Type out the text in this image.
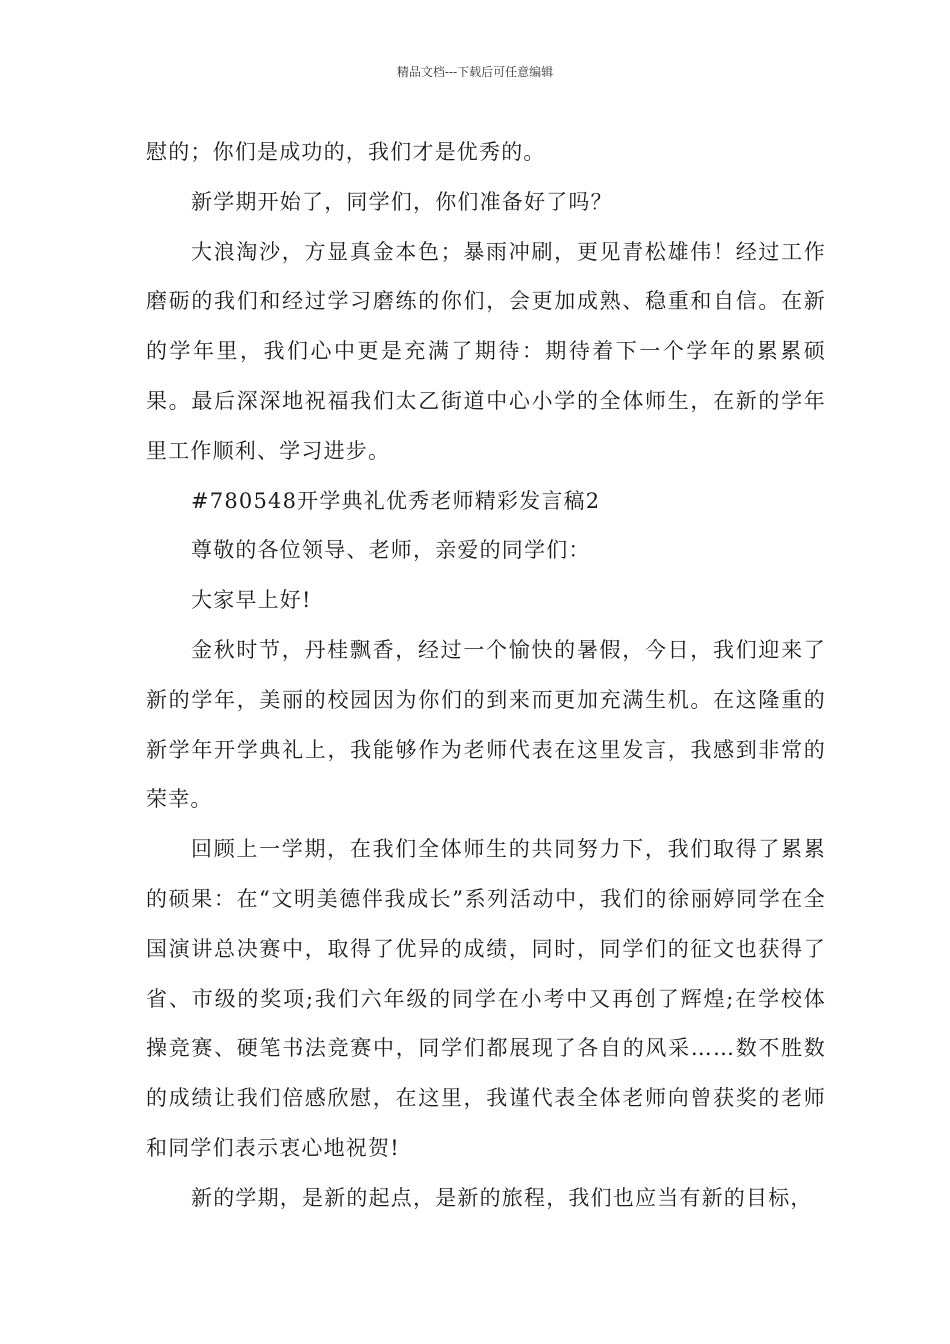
精品文档---下载后可任意编辑

慰的；你们是成功的，我们才是优秀的。

新学期开始了，同学们，你们准备好了吗？

大浪淘沙，方显真金本色；暴雨冲刷，更见青松雄伟！经过工作磨砺的我们和经过学习磨练的你们，会更加成熟、稳重和自信。在新的学年里，我们心中更是充满了期待：期待着下一个学年的累累硕果。最后深深地祝福我们太乙街道中心小学的全体师生，在新的学年里工作顺利、学习进步。

#780548开学典礼优秀老师精彩发言稿2

尊敬的各位领导、老师，亲爱的同学们：

大家早上好!

金秋时节，丹桂飘香，经过一个愉快的暑假，今日，我们迎来了新的学年，美丽的校园因为你们的到来而更加充满生机。在这隆重的新学年开学典礼上，我能够作为老师代表在这里发言，我感到非常的荣幸。

回顾上一学期，在我们全体师生的共同努力下，我们取得了累累的硕果：在“文明美德伴我成长”系列活动中，我们的徐丽婷同学在全国演讲总决赛中，取得了优异的成绩，同时，同学们的征文也获得了省、市级的奖项;我们六年级的同学在小考中又再创了辉煌;在学校体操竞赛、硬笔书法竞赛中，同学们都展现了各自的风采……数不胜数的成绩让我们倍感欣慰，在这里，我谨代表全体老师向曾获奖的老师和同学们表示衷心地祝贺!

新的学期，是新的起点，是新的旅程，我们也应当有新的目标，
